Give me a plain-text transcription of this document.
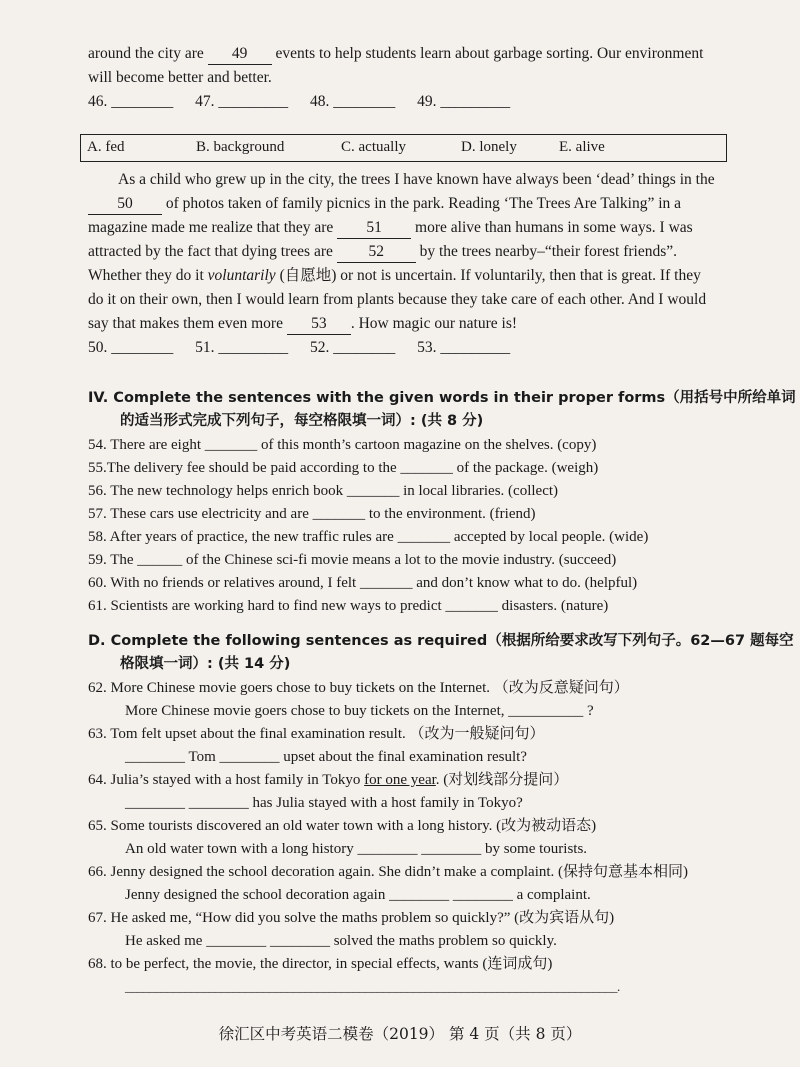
around the city are 49 events to help students learn about garbage sorting. Our environment
will become better and better.
46. ________ 47. _________ 48. ________ 49. _________
A. fed	B. background	C. actually	D. lonely	E. alive
As a child who grew up in the city, the trees I have known have always been ‘dead’ things in the
50 of photos taken of family picnics in the park. Reading ‘The Trees Are Talking” in a
magazine made me realize that they are 51 more alive than humans in some ways. I was
attracted by the fact that dying trees are 52 by the trees nearby–“their forest friends”.
Whether they do it voluntarily (自愿地) or not is uncertain. If voluntarily, then that is great. If they
do it on their own, then I would learn from plants because they take care of each other. And I would
say that makes them even more 53 . How magic our nature is!
50. ________ 51. _________ 52. ________ 53. _________
IV. Complete the sentences with the given words in their proper forms（用括号中所给单词
的适当形式完成下列句子，每空格限填一词）: (共 8 分)
54. There are eight _______ of this month’s cartoon magazine on the shelves. (copy)
55.The delivery fee should be paid according to the _______ of the package. (weigh)
56. The new technology helps enrich book _______ in local libraries. (collect)
57. These cars use electricity and are _______ to the environment. (friend)
58. After years of practice, the new traffic rules are _______ accepted by local people. (wide)
59. The ______ of the Chinese sci-fi movie means a lot to the movie industry. (succeed)
60. With no friends or relatives around, I felt _______ and don’t know what to do. (helpful)
61. Scientists are working hard to find new ways to predict _______ disasters. (nature)
D. Complete the following sentences as required（根据所给要求改写下列句子。62—67 题每空
格限填一词）: (共 14 分)
62. More Chinese movie goers chose to buy tickets on the Internet. （改为反意疑问句）
More Chinese movie goers chose to buy tickets on the Internet, __________ ?
63. Tom felt upset about the final examination result. （改为一般疑问句）
________ Tom ________ upset about the final examination result?
64. Julia’s stayed with a host family in Tokyo for one year. (对划线部分提问）
________ ________ has Julia stayed with a host family in Tokyo?
65. Some tourists discovered an old water town with a long history. (改为被动语态)
An old water town with a long history ________ ________ by some tourists.
66. Jenny designed the school decoration again. She didn’t make a complaint. (保持句意基本相同)
Jenny designed the school decoration again ________ ________ a complaint.
67. He asked me, “How did you solve the maths problem so quickly?” (改为宾语从句)
He asked me ________ ________ solved the maths problem so quickly.
68. to be perfect, the movie, the director, in special effects, wants (连词成句)
__________________________________________________________________________________.
徐汇区中考英语二模卷（2019） 第 4 页（共 8 页）
